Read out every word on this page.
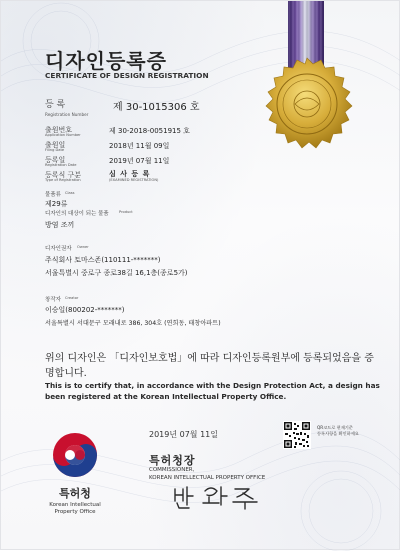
디자인등록증
CERTIFICATE OF DESIGN REGISTRATION
등 록
Registration Number
제 30-1015306 호
출원번호
Application Number	제 30-2018-0051915 호
출원일
Filing Date	2018년 11월 09일
등록일
Registration Date	2019년 07월 11일
등록식 구분
Type of Registration
심 사 등 록
(EXAMINED REGISTRATION)
물품류 Class
제29류
디자인의 대상이 되는 물품	Product
방염 조끼
디자인권자 Owner
주식회사 토마스존(110111-*******)
서울특별시 중로구 종로38길 16,1층(종로5가)
창작자 Creator
이승일(800202-*******)
서울특별시 서대문구 모래내로 386, 304호 (연희동, 태창아파트)
위의 디자인은 「디자인보호법」에 따라 디자인등록원부에 등록되었음을 증명합니다.
This is to certify that, in accordance with the Design Protection Act, a design has been registered at the Korean Intellectual Property Office.
특허청
Korean Intellectual
Property Office
2019년 07월 11일
특허청장
COMMISSIONER,
KOREAN INTELLECTUAL PROPERTY OFFICE
QR코드로 현재기준
등록사항을 확인하세요
